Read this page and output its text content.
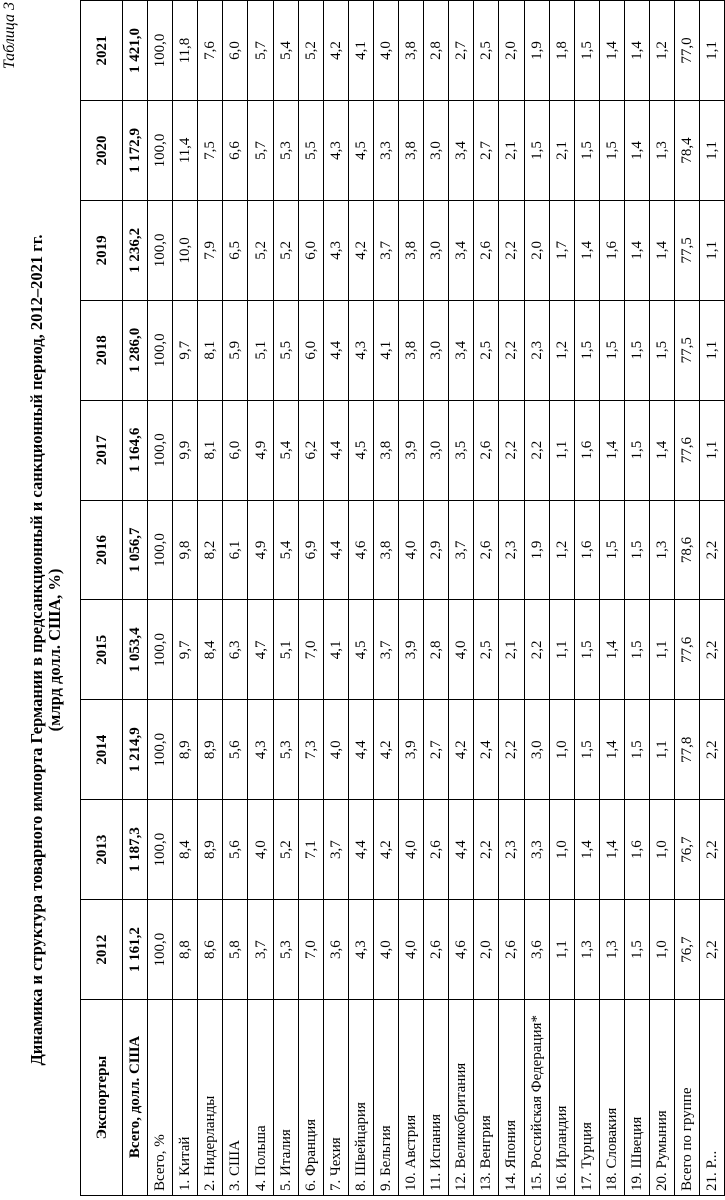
Таблица 3
Динамика и структура товарного импорта Германии в предсанкционный и санкционный период, 2012–2021 гг. (млрд долл. США, %)
Экспортеры	2012	2013	2014	2015	2016	2017	2018	2019	2020	2021
Всего, долл. США	1 161,2	1 187,3	1 214,9	1 053,4	1 056,7	1 164,6	1 286,0	1 236,2	1 172,9	1 421,0
Всего, %	100,0	100,0	100,0	100,0	100,0	100,0	100,0	100,0	100,0	100,0
1. Китай	8,8	8,4	8,9	9,7	9,8	9,9	9,7	10,0	11,4	11,8
2. Нидерланды	8,6	8,9	8,9	8,4	8,2	8,1	8,1	7,9	7,5	7,6
3. США	5,8	5,6	5,6	6,3	6,1	6,0	5,9	6,5	6,6	6,0
4. Польша	3,7	4,0	4,3	4,7	4,9	4,9	5,1	5,2	5,7	5,7
5. Италия	5,3	5,2	5,3	5,1	5,4	5,4	5,5	5,2	5,3	5,4
6. Франция	7,0	7,1	7,3	7,0	6,9	6,2	6,0	6,0	5,5	5,2
7. Чехия	3,6	3,7	4,0	4,1	4,4	4,4	4,4	4,3	4,3	4,2
8. Швейцария	4,3	4,4	4,4	4,5	4,6	4,5	4,3	4,2	4,5	4,1
9. Бельгия	4,0	4,2	4,2	3,7	3,8	3,8	4,1	3,7	3,3	4,0
10. Австрия	4,0	4,0	3,9	3,9	4,0	3,9	3,8	3,8	3,8	3,8
11. Испания	2,6	2,6	2,7	2,8	2,9	3,0	3,0	3,0	3,0	2,8
12. Великобритания	4,6	4,4	4,2	4,0	3,7	3,5	3,4	3,4	3,4	2,7
13. Венгрия	2,0	2,2	2,4	2,5	2,6	2,6	2,5	2,6	2,7	2,5
14. Япония	2,6	2,3	2,2	2,1	2,3	2,2	2,2	2,2	2,1	2,0
15. Российская Федерация*	3,6	3,3	3,0	2,2	1,9	2,2	2,3	2,0	1,5	1,9
16. Ирландия	1,1	1,0	1,0	1,1	1,2	1,1	1,2	1,7	2,1	1,8
17. Турция	1,3	1,4	1,5	1,5	1,6	1,6	1,5	1,4	1,5	1,5
18. Словакия	1,3	1,4	1,4	1,4	1,5	1,4	1,5	1,6	1,5	1,4
19. Швеция	1,5	1,6	1,5	1,5	1,5	1,5	1,5	1,4	1,4	1,4
20. Румыния	1,0	1,0	1,1	1,1	1,3	1,4	1,5	1,4	1,3	1,2
Всего по группе	76,7	76,7	77,8	77,6	78,6	77,6	77,5	77,5	78,4	77,0
21. Р...	2,2	2,2	2,2	2,2	2,2	1,1	1,1	1,1	1,1	1,1
